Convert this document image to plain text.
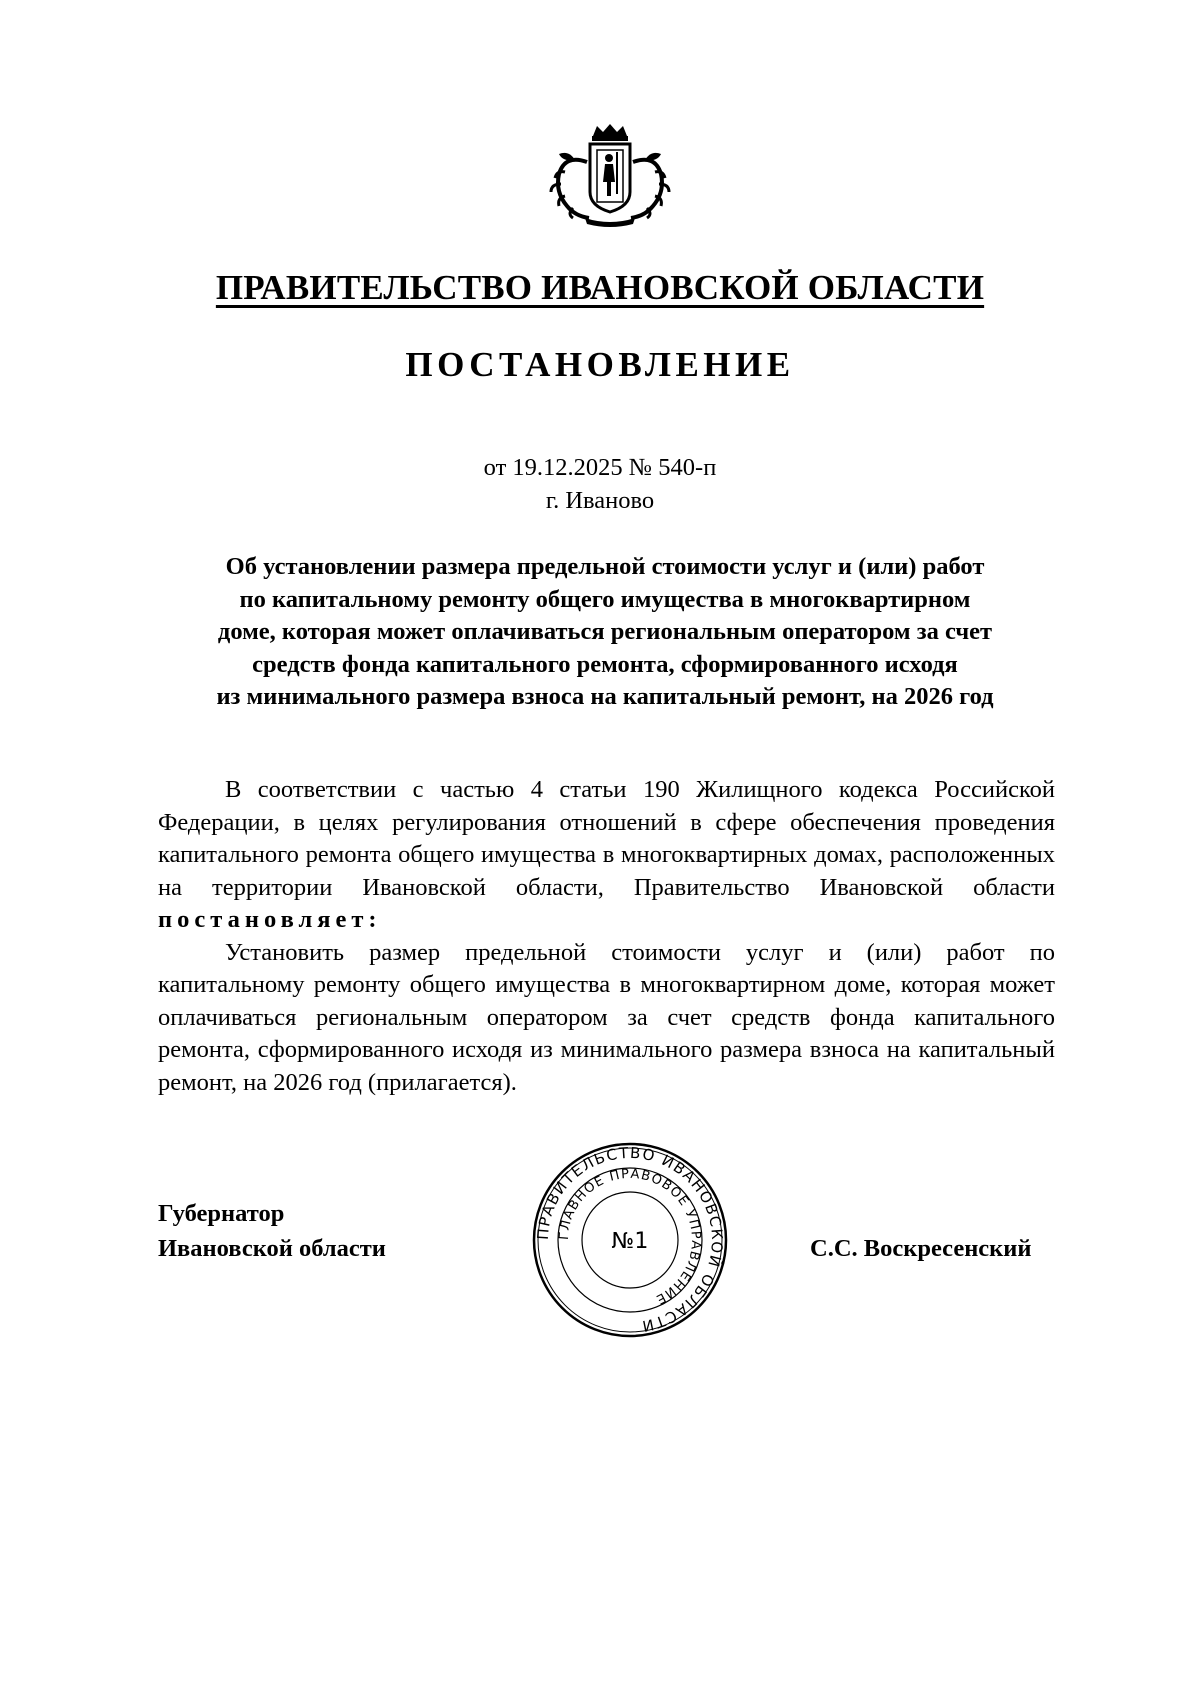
ПРАВИТЕЛЬСТВО ИВАНОВСКОЙ ОБЛАСТИ
ПОСТАНОВЛЕНИЕ
от 19.12.2025 № 540-п
г. Иваново
Об установлении размера предельной стоимости услуг и (или) работ
по капитальному ремонту общего имущества в многоквартирном
доме, которая может оплачиваться региональным оператором за счет
средств фонда капитального ремонта, сформированного исходя
из минимального размера взноса на капитальный ремонт, на 2026 год

В соответствии с частью 4 статьи 190 Жилищного кодекса Российской Федерации, в целях регулирования отношений в сфере обеспечения проведения капитального ремонта общего имущества в многоквартирных домах, расположенных на территории Ивановской области, Правительство Ивановской области постановляет:

Установить размер предельной стоимости услуг и (или) работ по капитальному ремонту общего имущества в многоквартирном доме, которая может оплачиваться региональным оператором за счет средств фонда капитального ремонта, сформированного исходя из минимального размера взноса на капитальный ремонт, на 2026 год (прилагается).

Губернатор
Ивановской области
ПРАВИТЕЛЬСТВО ИВАНОВСКОЙ ОБЛАСТИ
ГЛАВНОЕ ПРАВОВОЕ УПРАВЛЕНИЕ
№1	С.С. Воскресенский
